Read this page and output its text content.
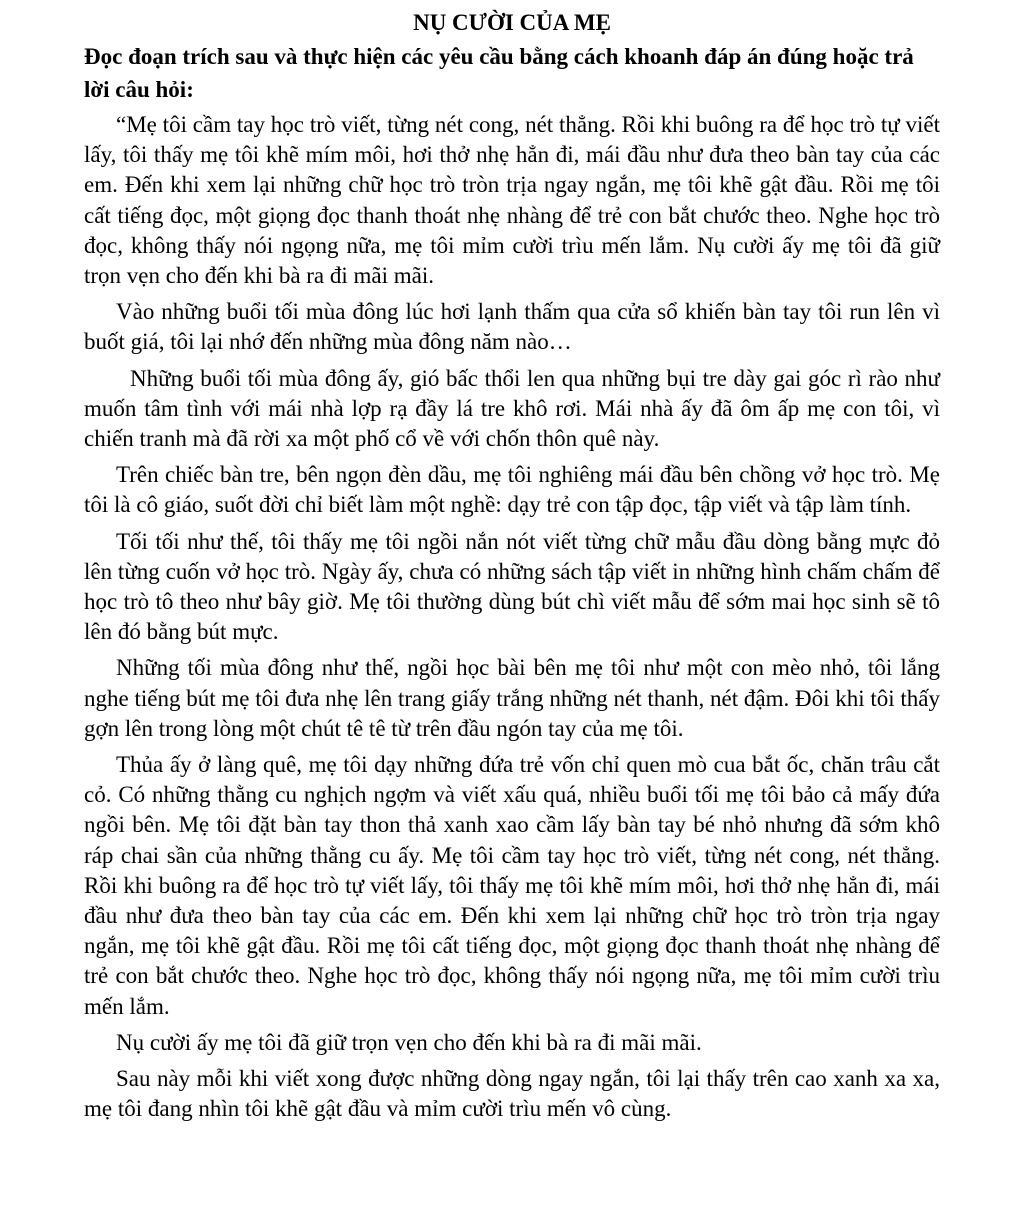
NỤ CƯỜI CỦA MẸ

Đọc đoạn trích sau và thực hiện các yêu cầu bằng cách khoanh đáp án đúng hoặc trả lời câu hỏi:

“Mẹ tôi cầm tay học trò viết, từng nét cong, nét thẳng. Rồi khi buông ra để học trò tự viết lấy, tôi thấy mẹ tôi khẽ mím môi, hơi thở nhẹ hẳn đi, mái đầu như đưa theo bàn tay của các em. Đến khi xem lại những chữ học trò tròn trịa ngay ngắn, mẹ tôi khẽ gật đầu. Rồi mẹ tôi cất tiếng đọc, một giọng đọc thanh thoát nhẹ nhàng để trẻ con bắt chước theo. Nghe học trò đọc, không thấy nói ngọng nữa, mẹ tôi mỉm cười trìu mến lắm. Nụ cười ấy mẹ tôi đã giữ trọn vẹn cho đến khi bà ra đi mãi mãi.

Vào những buổi tối mùa đông lúc hơi lạnh thấm qua cửa sổ khiến bàn tay tôi run lên vì buốt giá, tôi lại nhớ đến những mùa đông năm nào…

Những buổi tối mùa đông ấy, gió bấc thổi len qua những bụi tre dày gai góc rì rào như muốn tâm tình với mái nhà lợp rạ đầy lá tre khô rơi. Mái nhà ấy đã ôm ấp mẹ con tôi, vì chiến tranh mà đã rời xa một phố cổ về với chốn thôn quê này.

Trên chiếc bàn tre, bên ngọn đèn dầu, mẹ tôi nghiêng mái đầu bên chồng vở học trò. Mẹ tôi là cô giáo, suốt đời chỉ biết làm một nghề: dạy trẻ con tập đọc, tập viết và tập làm tính.

Tối tối như thế, tôi thấy mẹ tôi ngồi nắn nót viết từng chữ mẫu đầu dòng bằng mực đỏ lên từng cuốn vở học trò. Ngày ấy, chưa có những sách tập viết in những hình chấm chấm để học trò tô theo như bây giờ. Mẹ tôi thường dùng bút chì viết mẫu để sớm mai học sinh sẽ tô lên đó bằng bút mực.

Những tối mùa đông như thế, ngồi học bài bên mẹ tôi như một con mèo nhỏ, tôi lắng nghe tiếng bút mẹ tôi đưa nhẹ lên trang giấy trắng những nét thanh, nét đậm. Đôi khi tôi thấy gợn lên trong lòng một chút tê tê từ trên đầu ngón tay của mẹ tôi.

Thủa ấy ở làng quê, mẹ tôi dạy những đứa trẻ vốn chỉ quen mò cua bắt ốc, chăn trâu cắt cỏ. Có những thằng cu nghịch ngợm và viết xấu quá, nhiều buổi tối mẹ tôi bảo cả mấy đứa ngồi bên. Mẹ tôi đặt bàn tay thon thả xanh xao cầm lấy bàn tay bé nhỏ nhưng đã sớm khô ráp chai sần của những thằng cu ấy. Mẹ tôi cầm tay học trò viết, từng nét cong, nét thẳng. Rồi khi buông ra để học trò tự viết lấy, tôi thấy mẹ tôi khẽ mím môi, hơi thở nhẹ hẳn đi, mái đầu như đưa theo bàn tay của các em. Đến khi xem lại những chữ học trò tròn trịa ngay ngắn, mẹ tôi khẽ gật đầu. Rồi mẹ tôi cất tiếng đọc, một giọng đọc thanh thoát nhẹ nhàng để trẻ con bắt chước theo. Nghe học trò đọc, không thấy nói ngọng nữa, mẹ tôi mỉm cười trìu mến lắm.

Nụ cười ấy mẹ tôi đã giữ trọn vẹn cho đến khi bà ra đi mãi mãi.

Sau này mỗi khi viết xong được những dòng ngay ngắn, tôi lại thấy trên cao xanh xa xa, mẹ tôi đang nhìn tôi khẽ gật đầu và mỉm cười trìu mến vô cùng.
